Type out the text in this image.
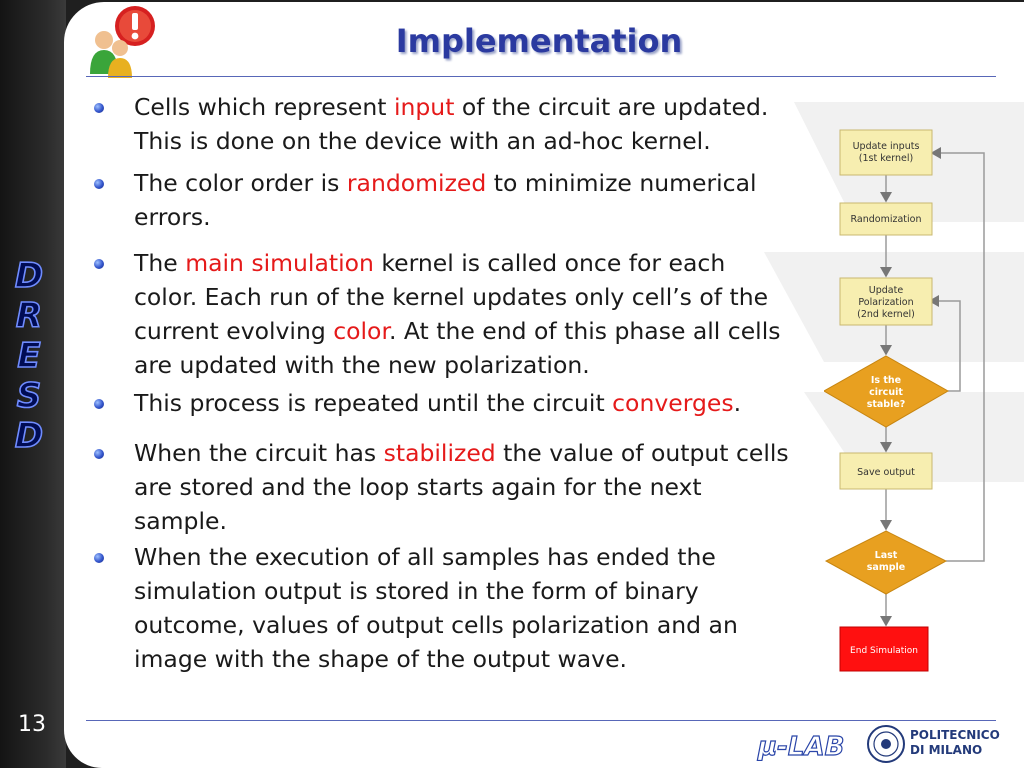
D
R
E
S
D
13
Implementation
Cells which represent input of the circuit are updated. This is done on the device with an ad-hoc kernel.
The color order is randomized to minimize numerical errors.
The main simulation kernel is called once for each color. Each run of the kernel updates only cell’s of the current evolving color. At the end of this phase all cells are updated with the new polarization.
This process is repeated until the circuit converges.
When the circuit has stabilized the value of output cells are stored and the loop starts again for the next sample.
When the execution of all samples has ended the simulation output is stored in the form of binary outcome, values of output cells polarization and an image with the shape of the output wave.
Update inputs
(1st kernel)
Randomization
Update
Polarization
(2nd kernel)
Is the
circuit
stable?
Save output
Last
sample
End Simulation
µ-LAB	POLITECNICO
DI MILANO
